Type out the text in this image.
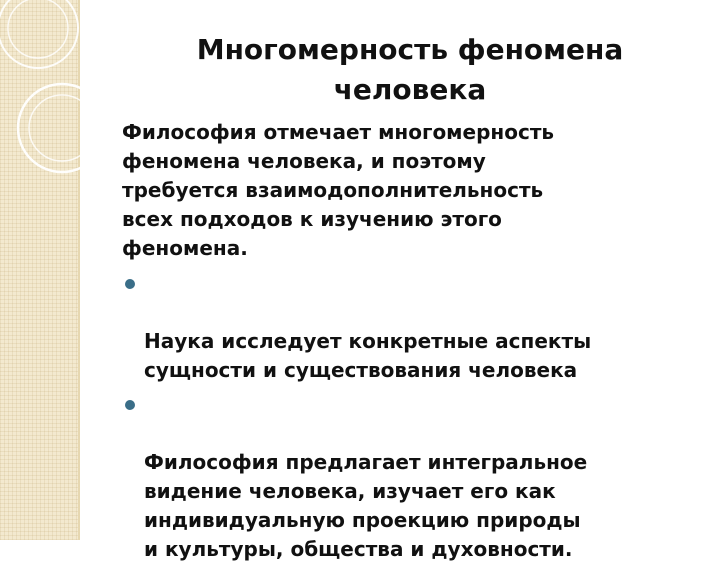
Многомерность феномена
человека

Философия отмечает многомерность
феномена человека, и поэтому
требуется взаимодополнительность
всех подходов к изучению этого
феномена.

Наука исследует конкретные аспекты
сущности и существования человека

Философия предлагает интегральное
видение человека, изучает его как
индивидуальную проекцию природы
и культуры, общества и духовности.
